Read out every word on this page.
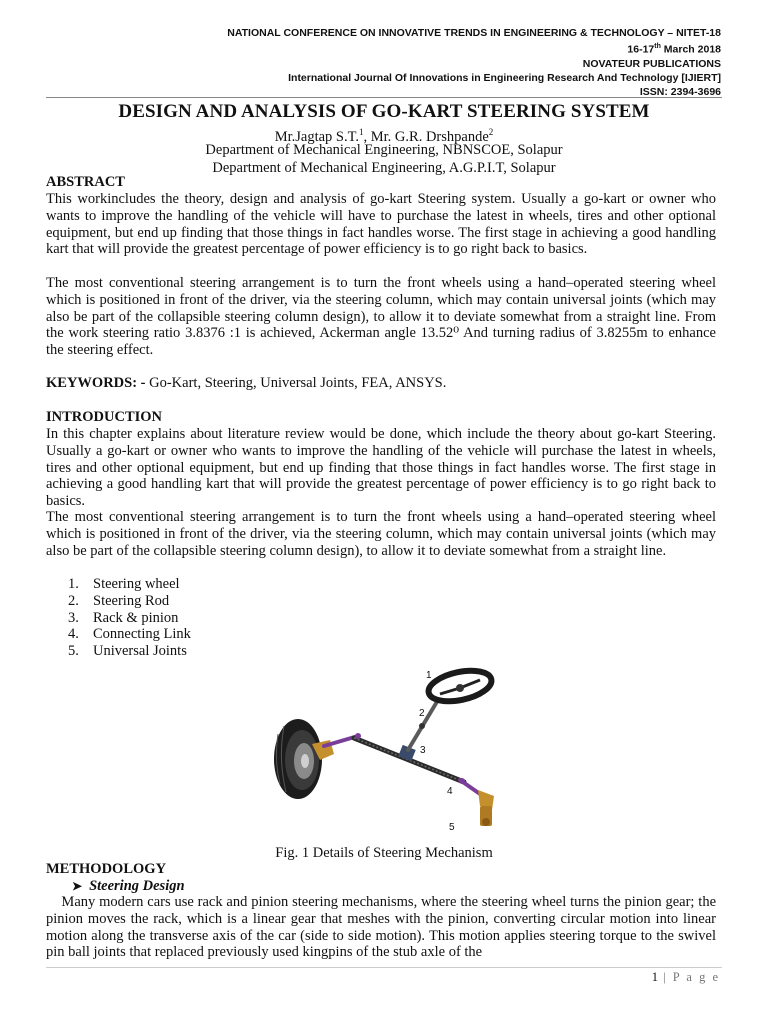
NATIONAL CONFERENCE ON INNOVATIVE TRENDS IN ENGINEERING & TECHNOLOGY – NITET-18
16-17th March 2018
NOVATEUR PUBLICATIONS
International Journal Of Innovations in Engineering Research And Technology [IJIERT]
ISSN: 2394-3696
DESIGN AND ANALYSIS OF GO-KART STEERING SYSTEM
Mr.Jagtap S.T.$^1$, Mr. G.R. Drshpande$^2$
Department of Mechanical Engineering, NBNSCOE, Solapur
Department of Mechanical Engineering, A.G.P.I.T, Solapur
ABSTRACT
This workincludes the theory, design and analysis of go-kart Steering system. Usually a go-kart or owner who wants to improve the handling of the vehicle will have to purchase the latest in wheels, tires and other optional equipment, but end up finding that those things in fact handles worse. The first stage in achieving a good handling kart that will provide the greatest percentage of power efficiency is to go right back to basics.
The most conventional steering arrangement is to turn the front wheels using a hand–operated steering wheel which is positioned in front of the driver, via the steering column, which may contain universal joints (which may also be part of the collapsible steering column design), to allow it to deviate somewhat from a straight line. From the work steering ratio 3.8376 :1 is achieved, Ackerman angle 13.52⁰ And turning radius of 3.8255m to enhance the steering effect.
KEYWORDS: - Go-Kart, Steering, Universal Joints, FEA, ANSYS.
INTRODUCTION
In this chapter explains about literature review would be done, which include the theory about go-kart Steering. Usually a go-kart or owner who wants to improve the handling of the vehicle will purchase the latest in wheels, tires and other optional equipment, but end up finding that those things in fact handles worse. The first stage in achieving a good handling kart that will provide the greatest percentage of power efficiency is to go right back to basics.
The most conventional steering arrangement is to turn the front wheels using a hand–operated steering wheel which is positioned in front of the driver, via the steering column, which may contain universal joints (which may also be part of the collapsible steering column design), to allow it to deviate somewhat from a straight line.
1. Steering wheel
2. Steering Rod
3. Rack & pinion
4. Connecting Link
5. Universal Joints
1
2
3
4
5
Fig. 1 Details of Steering Mechanism
METHODOLOGY
➤ Steering Design
Many modern cars use rack and pinion steering mechanisms, where the steering wheel turns the pinion gear; the pinion moves the rack, which is a linear gear that meshes with the pinion, converting circular motion into linear motion along the transverse axis of the car (side to side motion). This motion applies steering torque to the swivel pin ball joints that replaced previously used kingpins of the stub axle of the
1 | P a g e
